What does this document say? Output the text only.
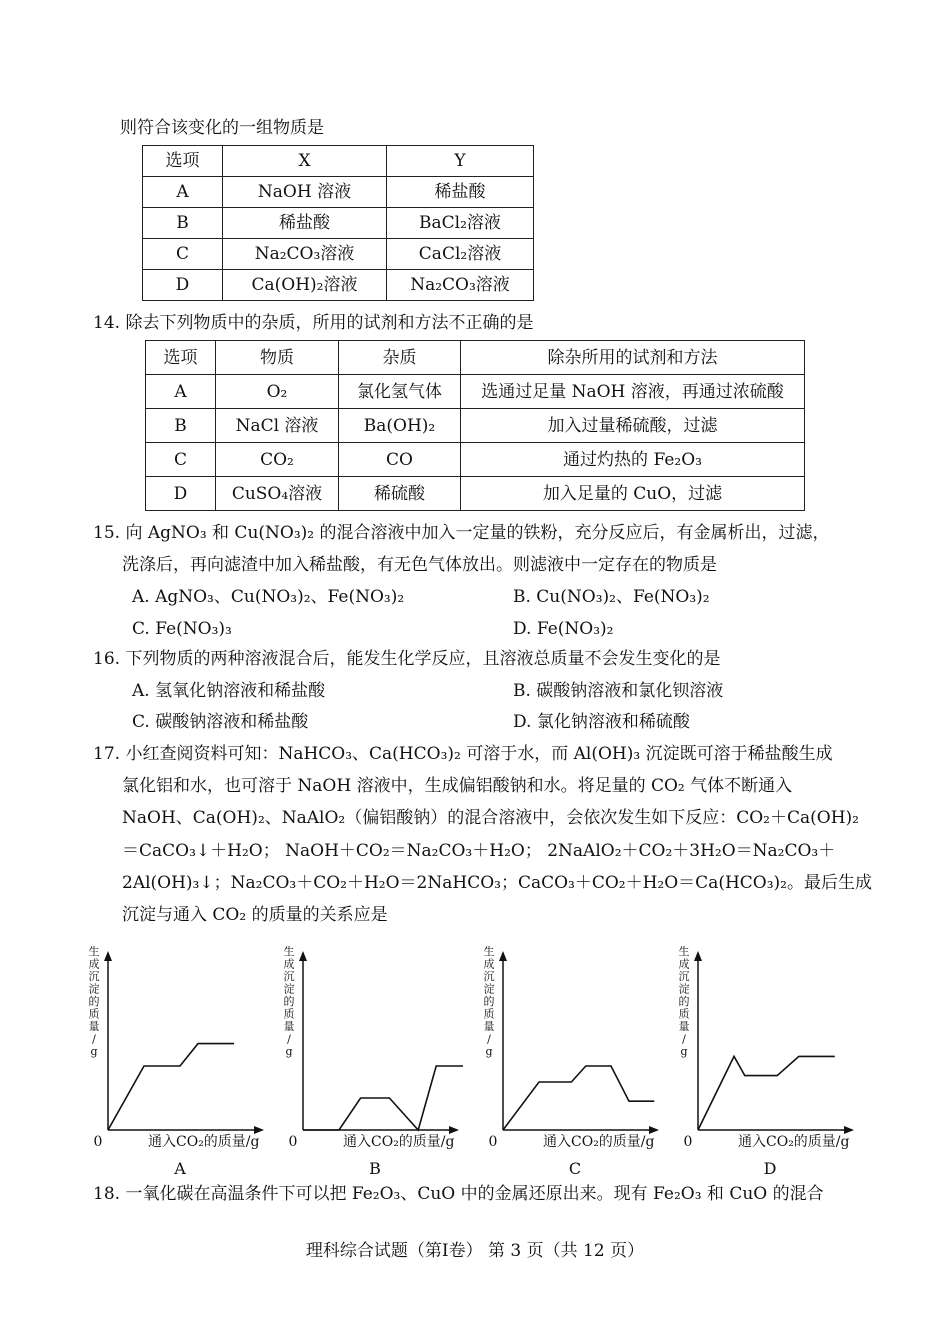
则符合该变化的一组物质是
选项	X	Y
A	NaOH 溶液	稀盐酸
B	稀盐酸	BaCl₂溶液
C	Na₂CO₃溶液	CaCl₂溶液
D	Ca(OH)₂溶液	Na₂CO₃溶液
14. 除去下列物质中的杂质，所用的试剂和方法不正确的是
选项	物质	杂质	除杂所用的试剂和方法
A	O₂	氯化氢气体	选通过足量 NaOH 溶液，再通过浓硫酸
B	NaCl 溶液	Ba(OH)₂	加入过量稀硫酸，过滤
C	CO₂	CO	通过灼热的 Fe₂O₃
D	CuSO₄溶液	稀硫酸	加入足量的 CuO，过滤
15. 向 AgNO₃ 和 Cu(NO₃)₂ 的混合溶液中加入一定量的铁粉，充分反应后，有金属析出，过滤，
洗涤后，再向滤渣中加入稀盐酸，有无色气体放出。则滤液中一定存在的物质是
A. AgNO₃、Cu(NO₃)₂、Fe(NO₃)₂	B. Cu(NO₃)₂、Fe(NO₃)₂
C. Fe(NO₃)₃	D. Fe(NO₃)₂
16. 下列物质的两种溶液混合后，能发生化学反应，且溶液总质量不会发生变化的是
A. 氢氧化钠溶液和稀盐酸	B. 碳酸钠溶液和氯化钡溶液
C. 碳酸钠溶液和稀盐酸	D. 氯化钠溶液和稀硫酸
17. 小红查阅资料可知：NaHCO₃、Ca(HCO₃)₂ 可溶于水，而 Al(OH)₃ 沉淀既可溶于稀盐酸生成
氯化铝和水，也可溶于 NaOH 溶液中，生成偏铝酸钠和水。将足量的 CO₂ 气体不断通入
NaOH、Ca(OH)₂、NaAlO₂（偏铝酸钠）的混合溶液中，会依次发生如下反应：CO₂＋Ca(OH)₂
＝CaCO₃↓＋H₂O； NaOH＋CO₂＝Na₂CO₃＋H₂O； 2NaAlO₂＋CO₂＋3H₂O＝Na₂CO₃＋
2Al(OH)₃↓；Na₂CO₃＋CO₂＋H₂O＝2NaHCO₃；CaCO₃＋CO₂＋H₂O＝Ca(HCO₃)₂。最后生成
沉淀与通入 CO₂ 的质量的关系应是
生成沉淀的质量/ g
0	通入CO₂的质量/g
A
生成沉淀的质量/ g
0	通入CO₂的质量/g
B
生成沉淀的质量/ g
0	通入CO₂的质量/g
C
生成沉淀的质量/ g
0	通入CO₂的质量/g
D
18. 一氧化碳在高温条件下可以把 Fe₂O₃、CuO 中的金属还原出来。现有 Fe₂O₃ 和 CuO 的混合
理科综合试题（第Ⅰ卷） 第 3 页（共 12 页）
